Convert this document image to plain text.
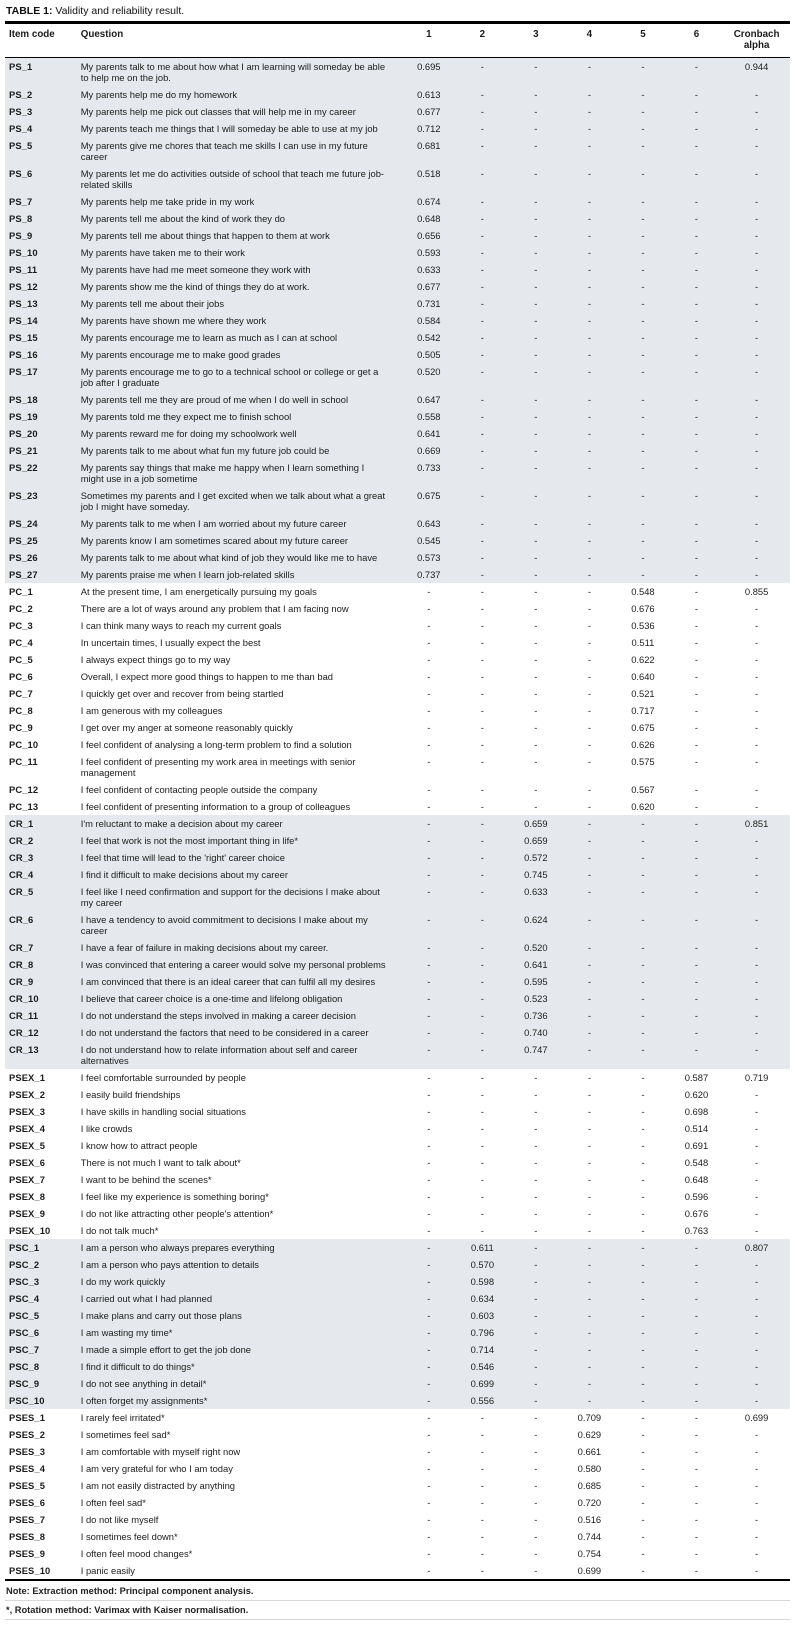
TABLE 1: Validity and reliability result.
Item code	Question	1	2	3	4	5	6	Cronbach alpha
PS_1	My parents talk to me about how what I am learning will someday be able to help me on the job.	0.695	-	-	-	-	-	0.944
PS_2	My parents help me do my homework	0.613	-	-	-	-	-	-
PS_3	My parents help me pick out classes that will help me in my career	0.677	-	-	-	-	-	-
PS_4	My parents teach me things that I will someday be able to use at my job	0.712	-	-	-	-	-	-
PS_5	My parents give me chores that teach me skills I can use in my future career	0.681	-	-	-	-	-	-
PS_6	My parents let me do activities outside of school that teach me future job-related skills	0.518	-	-	-	-	-	-
PS_7	My parents help me take pride in my work	0.674	-	-	-	-	-	-
PS_8	My parents tell me about the kind of work they do	0.648	-	-	-	-	-	-
PS_9	My parents tell me about things that happen to them at work	0.656	-	-	-	-	-	-
PS_10	My parents have taken me to their work	0.593	-	-	-	-	-	-
PS_11	My parents have had me meet someone they work with	0.633	-	-	-	-	-	-
PS_12	My parents show me the kind of things they do at work.	0.677	-	-	-	-	-	-
PS_13	My parents tell me about their jobs	0.731	-	-	-	-	-	-
PS_14	My parents have shown me where they work	0.584	-	-	-	-	-	-
PS_15	My parents encourage me to learn as much as I can at school	0.542	-	-	-	-	-	-
PS_16	My parents encourage me to make good grades	0.505	-	-	-	-	-	-
PS_17	My parents encourage me to go to a technical school or college or get a job after I graduate	0.520	-	-	-	-	-	-
PS_18	My parents tell me they are proud of me when I do well in school	0.647	-	-	-	-	-	-
PS_19	My parents told me they expect me to finish school	0.558	-	-	-	-	-	-
PS_20	My parents reward me for doing my schoolwork well	0.641	-	-	-	-	-	-
PS_21	My parents talk to me about what fun my future job could be	0.669	-	-	-	-	-	-
PS_22	My parents say things that make me happy when I learn something I might use in a job sometime	0.733	-	-	-	-	-	-
PS_23	Sometimes my parents and I get excited when we talk about what a great job I might have someday.	0.675	-	-	-	-	-	-
PS_24	My parents talk to me when I am worried about my future career	0.643	-	-	-	-	-	-
PS_25	My parents know I am sometimes scared about my future career	0.545	-	-	-	-	-	-
PS_26	My parents talk to me about what kind of job they would like me to have	0.573	-	-	-	-	-	-
PS_27	My parents praise me when I learn job-related skills	0.737	-	-	-	-	-	-
PC_1	At the present time, I am energetically pursuing my goals	-	-	-	-	0.548	-	0.855
PC_2	There are a lot of ways around any problem that I am facing now	-	-	-	-	0.676	-	-
PC_3	I can think many ways to reach my current goals	-	-	-	-	0.536	-	-
PC_4	In uncertain times, I usually expect the best	-	-	-	-	0.511	-	-
PC_5	I always expect things go to my way	-	-	-	-	0.622	-	-
PC_6	Overall, I expect more good things to happen to me than bad	-	-	-	-	0.640	-	-
PC_7	I quickly get over and recover from being startled	-	-	-	-	0.521	-	-
PC_8	I am generous with my colleagues	-	-	-	-	0.717	-	-
PC_9	I get over my anger at someone reasonably quickly	-	-	-	-	0.675	-	-
PC_10	I feel confident of analysing a long-term problem to find a solution	-	-	-	-	0.626	-	-
PC_11	I feel confident of presenting my work area in meetings with senior management	-	-	-	-	0.575	-	-
PC_12	I feel confident of contacting people outside the company	-	-	-	-	0.567	-	-
PC_13	I feel confident of presenting information to a group of colleagues	-	-	-	-	0.620	-	-
CR_1	I'm reluctant to make a decision about my career	-	-	0.659	-	-	-	0.851
CR_2	I feel that work is not the most important thing in life*	-	-	0.659	-	-	-	-
CR_3	I feel that time will lead to the 'right' career choice	-	-	0.572	-	-	-	-
CR_4	I find it difficult to make decisions about my career	-	-	0.745	-	-	-	-
CR_5	I feel like I need confirmation and support for the decisions I make about my career	-	-	0.633	-	-	-	-
CR_6	I have a tendency to avoid commitment to decisions I make about my career	-	-	0.624	-	-	-	-
CR_7	I have a fear of failure in making decisions about my career.	-	-	0.520	-	-	-	-
CR_8	I was convinced that entering a career would solve my personal problems	-	-	0.641	-	-	-	-
CR_9	I am convinced that there is an ideal career that can fulfil all my desires	-	-	0.595	-	-	-	-
CR_10	I believe that career choice is a one-time and lifelong obligation	-	-	0.523	-	-	-	-
CR_11	I do not understand the steps involved in making a career decision	-	-	0.736	-	-	-	-
CR_12	I do not understand the factors that need to be considered in a career	-	-	0.740	-	-	-	-
CR_13	I do not understand how to relate information about self and career alternatives	-	-	0.747	-	-	-	-
PSEX_1	I feel comfortable surrounded by people	-	-	-	-	-	0.587	0.719
PSEX_2	I easily build friendships	-	-	-	-	-	0.620	-
PSEX_3	I have skills in handling social situations	-	-	-	-	-	0.698	-
PSEX_4	I like crowds	-	-	-	-	-	0.514	-
PSEX_5	I know how to attract people	-	-	-	-	-	0.691	-
PSEX_6	There is not much I want to talk about*	-	-	-	-	-	0.548	-
PSEX_7	I want to be behind the scenes*	-	-	-	-	-	0.648	-
PSEX_8	I feel like my experience is something boring*	-	-	-	-	-	0.596	-
PSEX_9	I do not like attracting other people's attention*	-	-	-	-	-	0.676	-
PSEX_10	I do not talk much*	-	-	-	-	-	0.763	-
PSC_1	I am a person who always prepares everything	-	0.611	-	-	-	-	0.807
PSC_2	I am a person who pays attention to details	-	0.570	-	-	-	-	-
PSC_3	I do my work quickly	-	0.598	-	-	-	-	-
PSC_4	I carried out what I had planned	-	0.634	-	-	-	-	-
PSC_5	I make plans and carry out those plans	-	0.603	-	-	-	-	-
PSC_6	I am wasting my time*	-	0.796	-	-	-	-	-
PSC_7	I made a simple effort to get the job done	-	0.714	-	-	-	-	-
PSC_8	I find it difficult to do things*	-	0.546	-	-	-	-	-
PSC_9	I do not see anything in detail*	-	0.699	-	-	-	-	-
PSC_10	I often forget my assignments*	-	0.556	-	-	-	-	-
PSES_1	I rarely feel irritated*	-	-	-	0.709	-	-	0.699
PSES_2	I sometimes feel sad*	-	-	-	0.629	-	-	-
PSES_3	I am comfortable with myself right now	-	-	-	0.661	-	-	-
PSES_4	I am very grateful for who I am today	-	-	-	0.580	-	-	-
PSES_5	I am not easily distracted by anything	-	-	-	0.685	-	-	-
PSES_6	I often feel sad*	-	-	-	0.720	-	-	-
PSES_7	I do not like myself	-	-	-	0.516	-	-	-
PSES_8	I sometimes feel down*	-	-	-	0.744	-	-	-
PSES_9	I often feel mood changes*	-	-	-	0.754	-	-	-
PSES_10	I panic easily	-	-	-	0.699	-	-	-
Note: Extraction method: Principal component analysis.
*, Rotation method: Varimax with Kaiser normalisation.
